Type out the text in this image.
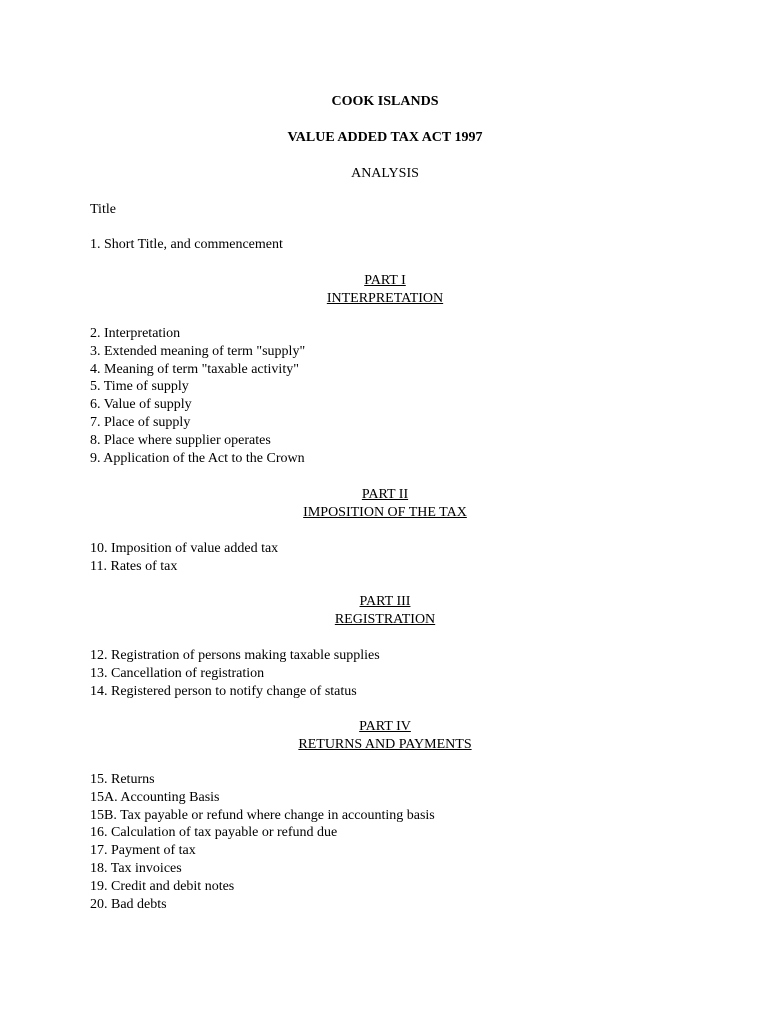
COOK ISLANDS
VALUE ADDED TAX ACT 1997
ANALYSIS
Title
1. Short Title, and commencement
PART I
INTERPRETATION
2. Interpretation
3. Extended meaning of term "supply"
4. Meaning of term "taxable activity"
5. Time of supply
6. Value of supply
7. Place of supply
8. Place where supplier operates
9. Application of the Act to the Crown
PART II
IMPOSITION OF THE TAX
10. Imposition of value added tax
11. Rates of tax
PART III
REGISTRATION
12. Registration of persons making taxable supplies
13. Cancellation of registration
14. Registered person to notify change of status
PART IV
RETURNS AND PAYMENTS
15. Returns
15A. Accounting Basis
15B. Tax payable or refund where change in accounting basis
16. Calculation of tax payable or refund due
17. Payment of tax
18. Tax invoices
19. Credit and debit notes
20. Bad debts
